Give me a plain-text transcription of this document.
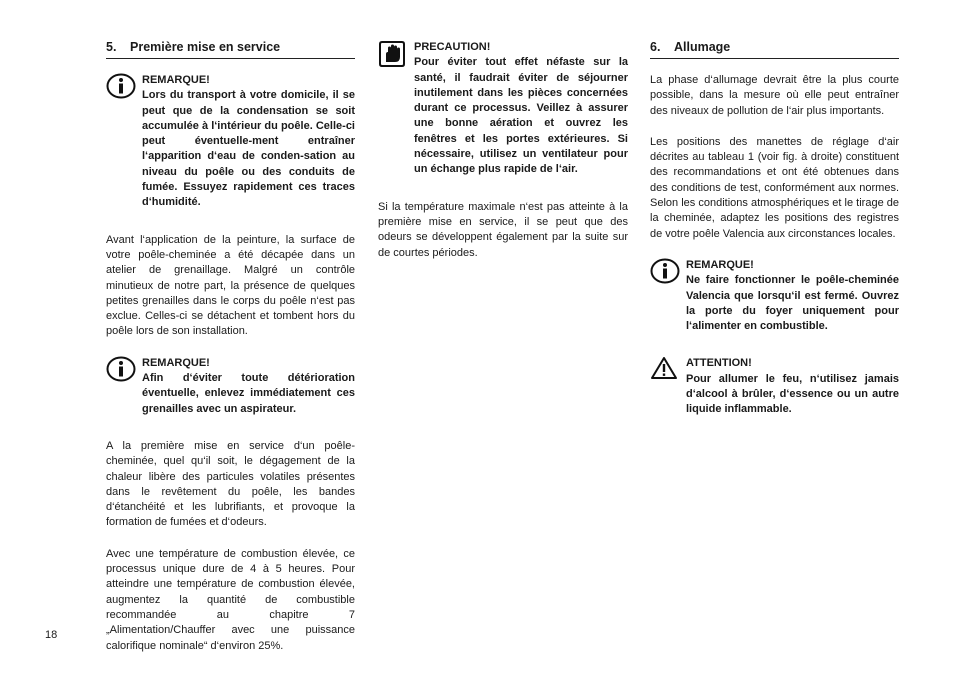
5. Première mise en service
REMARQUE!
Lors du transport à votre domicile, il se peut que de la condensation se soit accumulée à l‘intérieur du poêle. Celle-ci peut éventuelle-ment entraîner l‘apparition d‘eau de conden-sation au niveau du poêle ou des conduits de fumée. Essuyez rapidement ces traces d‘humidité.

Avant l‘application de la peinture, la surface de votre poêle-cheminée a été décapée dans un atelier de grenaillage. Malgré un contrôle minutieux de notre part, la présence de quelques petites grenailles dans le corps du poêle n‘est pas exclue. Celles-ci se détachent et tombent hors du poêle lors de son installation.

REMARQUE!
Afin d‘éviter toute détérioration éventuelle, enlevez immédiatement ces grenailles avec un aspirateur.

A la première mise en service d‘un poêle-cheminée, quel qu‘il soit, le dégagement de la chaleur libère des particules volatiles présentes dans le revêtement du poêle, les bandes d‘étanchéité et les lubrifiants, et provoque la formation de fumées et d‘odeurs.

Avec une température de combustion élevée, ce processus unique dure de 4 à 5 heures. Pour atteindre une température de combustion élevée, augmentez la quantité de combustible recommandée au chapitre 7 „Alimentation/Chauffer avec une puissance calorifique nominale“ d‘environ 25%.

PRECAUTION!
Pour éviter tout effet néfaste sur la santé, il faudrait éviter de séjourner inutilement dans les pièces concernées durant ce processus. Veillez à assurer une bonne aération et ouvrez les fenêtres et les portes extérieures. Si nécessaire, utilisez un ventilateur pour un échange plus rapide de l‘air.

Si la température maximale n‘est pas atteinte à la première mise en service, il se peut que des odeurs se développent également par la suite sur de courtes périodes.

6. Allumage

La phase d‘allumage devrait être la plus courte possible, dans la mesure où elle peut entraîner des niveaux de pollution de l‘air plus importants.

Les positions des manettes de réglage d‘air décrites au tableau 1 (voir fig. à droite) constituent des recommandations et ont été obtenues dans des conditions de test, conformément aux normes. Selon les conditions atmosphériques et le tirage de la cheminée, adaptez les positions des registres de votre poêle Valencia aux circonstances locales.

REMARQUE!
Ne faire fonctionner le poêle-cheminée Valencia que lorsqu‘il est fermé. Ouvrez la porte du foyer uniquement pour l‘alimenter en combustible.
ATTENTION!
Pour allumer le feu, n‘utilisez jamais d‘alcool à brûler, d‘essence ou un autre liquide inflammable.
18
